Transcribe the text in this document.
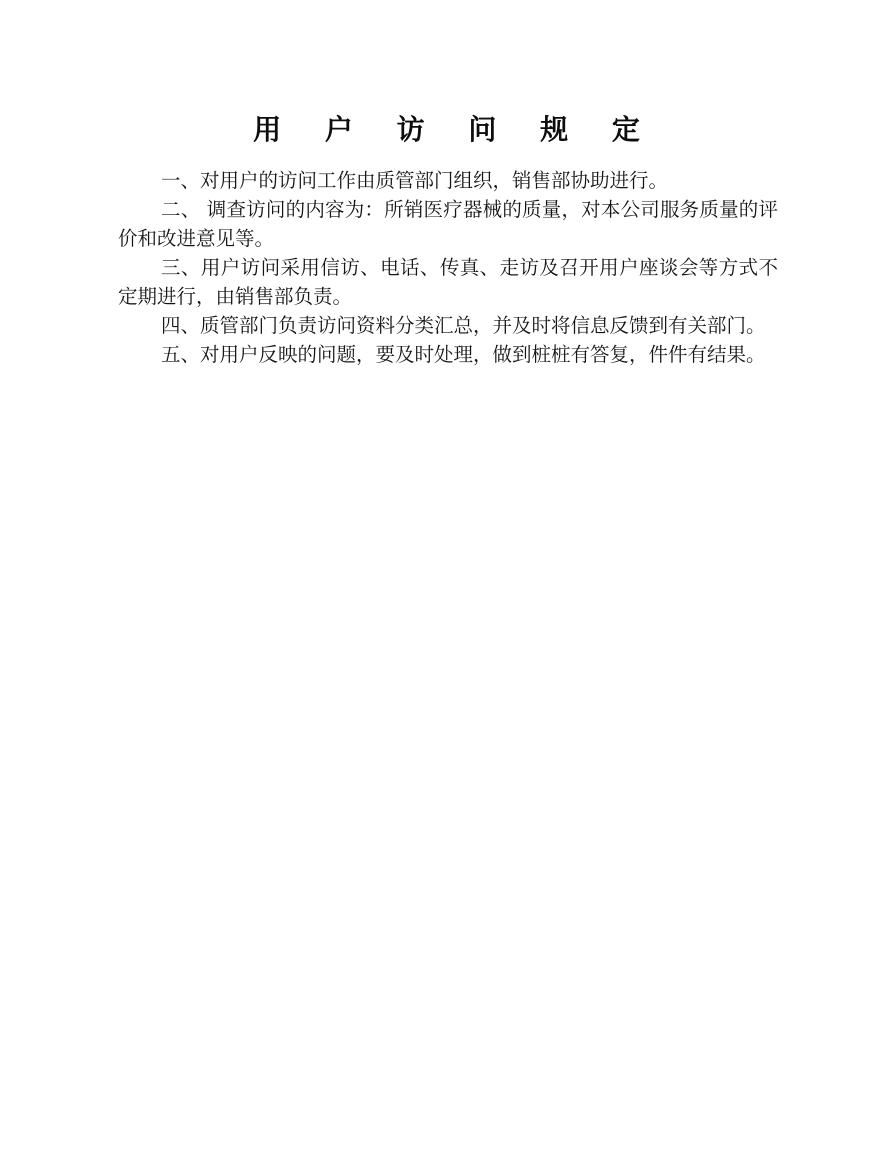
用 户 访 问 规 定

一、对用户的访问工作由质管部门组织，销售部协助进行。

二、 调查访问的内容为：所销医疗器械的质量，对本公司服务质量的评价和改进意见等。

三、用户访问采用信访、电话、传真、走访及召开用户座谈会等方式不定期进行，由销售部负责。

四、质管部门负责访问资料分类汇总，并及时将信息反馈到有关部门。

五、对用户反映的问题，要及时处理，做到桩桩有答复，件件有结果。
